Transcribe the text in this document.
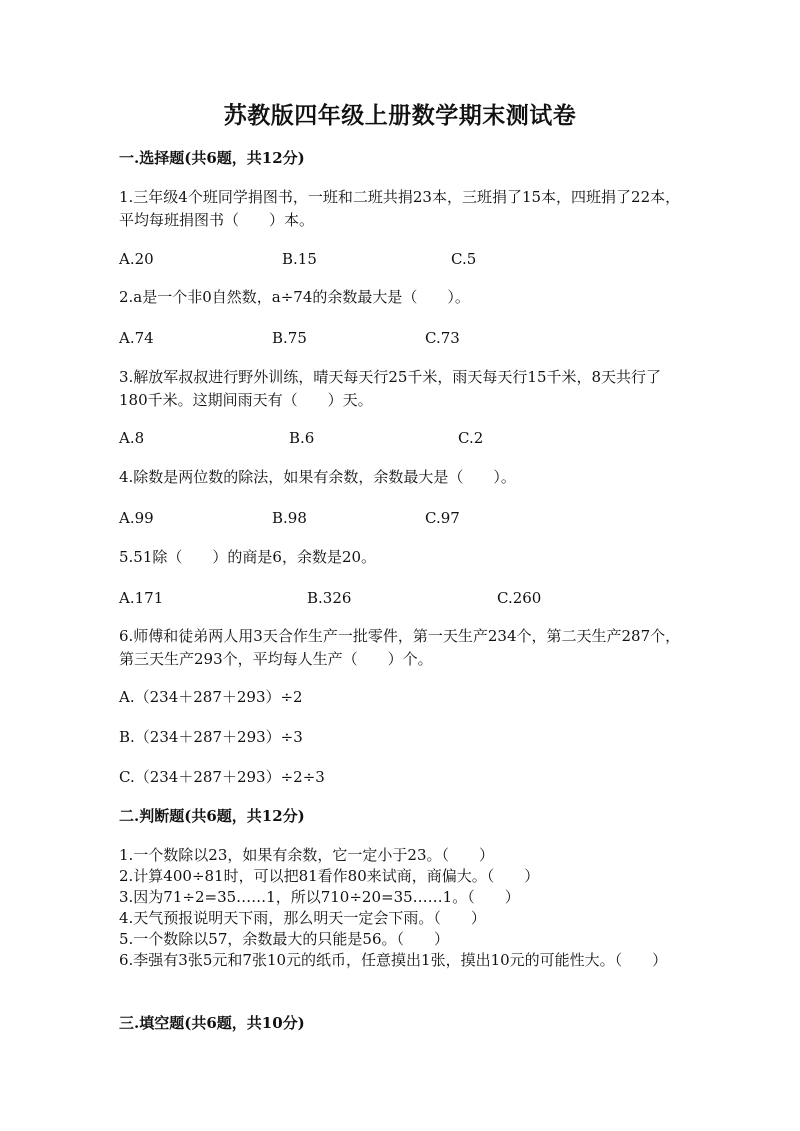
苏教版四年级上册数学期末测试卷
一.选择题(共6题，共12分)
1.三年级4个班同学捐图书，一班和二班共捐23本，三班捐了15本，四班捐了22本，平均每班捐图书（　　）本。
A.20	B.15	C.5
2.a是一个非0自然数，a÷74的余数最大是（　　）。
A.74	B.75	C.73
3.解放军叔叔进行野外训练，晴天每天行25千米，雨天每天行15千米，8天共行了180千米。这期间雨天有（　　）天。
A.8	B.6	C.2
4.除数是两位数的除法，如果有余数，余数最大是（　　）。
A.99	B.98	C.97
5.51除（　　）的商是6，余数是20。
A.171	B.326	C.260
6.师傅和徒弟两人用3天合作生产一批零件，第一天生产234个，第二天生产287个，第三天生产293个，平均每人生产（　　）个。
A.（234＋287＋293）÷2
B.（234＋287＋293）÷3
C.（234＋287＋293）÷2÷3
二.判断题(共6题，共12分)
1.一个数除以23，如果有余数，它一定小于23。（　　）
2.计算400÷81时，可以把81看作80来试商，商偏大。（　　）
3.因为71÷2=35……1，所以710÷20=35……1。（　　）
4.天气预报说明天下雨，那么明天一定会下雨。（　　）
5.一个数除以57，余数最大的只能是56。（　　）
6.李强有3张5元和7张10元的纸币，任意摸出1张，摸出10元的可能性大。（　　）
三.填空题(共6题，共10分)
